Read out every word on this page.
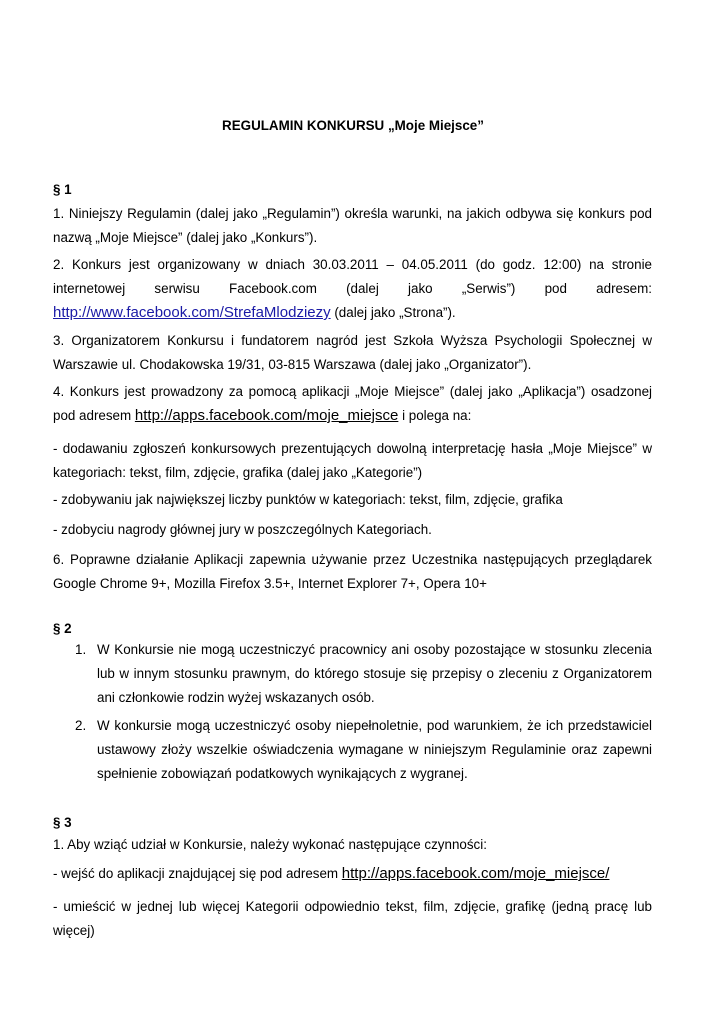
REGULAMIN KONKURSU „Moje Miejsce”
§ 1
1. Niniejszy Regulamin (dalej jako „Regulamin”) określa warunki, na jakich odbywa się konkurs pod nazwą „Moje Miejsce” (dalej jako „Konkurs”).
2. Konkurs jest organizowany w dniach 30.03.2011 – 04.05.2011 (do godz. 12:00) na stronie internetowej serwisu Facebook.com (dalej jako „Serwis”) pod adresem:
http://www.facebook.com/StrefaMlodziezy (dalej jako „Strona”).
3. Organizatorem Konkursu i fundatorem nagród jest Szkoła Wyższa Psychologii Społecznej w Warszawie ul. Chodakowska 19/31, 03-815 Warszawa (dalej jako „Organizator”).
4. Konkurs jest prowadzony za pomocą aplikacji „Moje Miejsce” (dalej jako „Aplikacja”) osadzonej pod adresem http://apps.facebook.com/moje_miejsce i polega na:
- dodawaniu zgłoszeń konkursowych prezentujących dowolną interpretację hasła „Moje Miejsce” w kategoriach: tekst, film, zdjęcie, grafika (dalej jako „Kategorie”)
- zdobywaniu jak największej liczby punktów w kategoriach: tekst, film, zdjęcie, grafika
- zdobyciu nagrody głównej jury w poszczególnych Kategoriach.
6. Poprawne działanie Aplikacji zapewnia używanie przez Uczestnika następujących przeglądarek Google Chrome 9+, Mozilla Firefox 3.5+, Internet Explorer 7+, Opera 10+
§ 2
1. W Konkursie nie mogą uczestniczyć pracownicy ani osoby pozostające w stosunku zlecenia lub w innym stosunku prawnym, do którego stosuje się przepisy o zleceniu z Organizatorem ani członkowie rodzin wyżej wskazanych osób.
2. W konkursie mogą uczestniczyć osoby niepełnoletnie, pod warunkiem, że ich przedstawiciel ustawowy złoży wszelkie oświadczenia wymagane w niniejszym Regulaminie oraz zapewni spełnienie zobowiązań podatkowych wynikających z wygranej.
§ 3
1. Aby wziąć udział w Konkursie, należy wykonać następujące czynności:
- wejść do aplikacji znajdującej się pod adresem http://apps.facebook.com/moje_miejsce/
- umieścić w jednej lub więcej Kategorii odpowiednio tekst, film, zdjęcie, grafikę (jedną pracę lub więcej)
